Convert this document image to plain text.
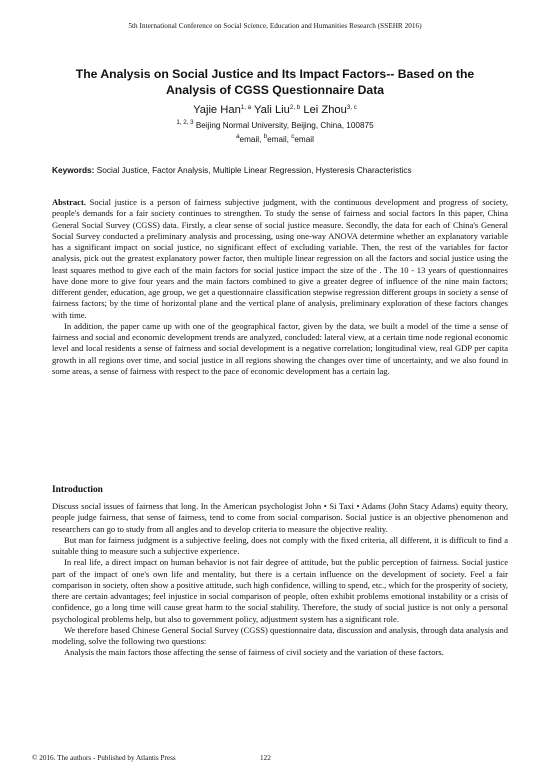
5th International Conference on Social Science, Education and Humanities Research (SSEHR 2016)
The Analysis on Social Justice and Its Impact Factors-- Based on the
Analysis of CGSS Questionnaire Data
Yajie Han$^{1, a}$ Yali Liu$^{2, b}$ Lei Zhou$^{3, c}$
$^{1, 2, 3}$ Beijing Normal University, Beijing, China, 100875
$^a$email, $^b$email, $^c$email
Keywords: Social Justice, Factor Analysis, Multiple Linear Regression, Hysteresis Characteristics

Abstract. Social justice is a person of fairness subjective judgment, with the continuous development and progress of society, people's demands for a fair society continues to strengthen. To study the sense of fairness and social factors In this paper, China General Social Survey (CGSS) data. Firstly, a clear sense of social justice measure. Secondly, the data for each of China's General Social Survey conducted a preliminary analysis and processing, using one-way ANOVA determine whether an explanatory variable has a significant impact on social justice, no significant effect of excluding variable. Then, the rest of the variables for factor analysis, pick out the greatest explanatory power factor, then multiple linear regression on all the factors and social justice using the least squares method to give each of the main factors for social justice impact the size of the . The 10 - 13 years of questionnaires have done more to give four years and the main factors combined to give a greater degree of influence of the nine main factors; different gender, education, age group, we get a questionnaire classification stepwise regression different groups in society a sense of fairness factors; by the time of horizontal plane and the vertical plane of analysis, preliminary exploration of these factors changes with time.

In addition, the paper came up with one of the geographical factor, given by the data, we built a model of the time a sense of fairness and social and economic development trends are analyzed, concluded: lateral view, at a certain time node regional economic level and local residents a sense of fairness and social development is a negative correlation; longitudinal view, real GDP per capita growth in all regions over time, and social justice in all regions showing the changes over time of uncertainty, and we also found in some areas, a sense of fairness with respect to the pace of economic development has a certain lag.

Introduction

Discuss social issues of fairness that long. In the American psychologist John • Si Taxi • Adams (John Stacy Adams) equity theory, people judge fairness, that sense of fairness, tend to come from social comparison. Social justice is an objective phenomenon and researchers can go to study from all angles and to develop criteria to measure the objective reality.

But man for fairness judgment is a subjective feeling, does not comply with the fixed criteria, all different, it is difficult to find a suitable thing to measure such a subjective experience.

In real life, a direct impact on human behavior is not fair degree of attitude, but the public perception of fairness. Social justice part of the impact of one's own life and mentality, but there is a certain influence on the development of society. Feel a fair comparison in society, often show a positive attitude, such high confidence, willing to spend, etc., which for the prosperity of society, there are certain advantages; feel injustice in social comparison of people, often exhibit problems emotional instability or a crisis of confidence, go a long time will cause great harm to the social stability. Therefore, the study of social justice is not only a personal psychological problems help, but also to government policy, adjustment system has a significant role.

We therefore based Chinese General Social Survey (CGSS) questionnaire data, discussion and analysis, through data analysis and modeling, solve the following two questions:

Analysis the main factors those affecting the sense of fairness of civil society and the variation of these factors.

© 2016. The authors - Published by Atlantis Press	122
